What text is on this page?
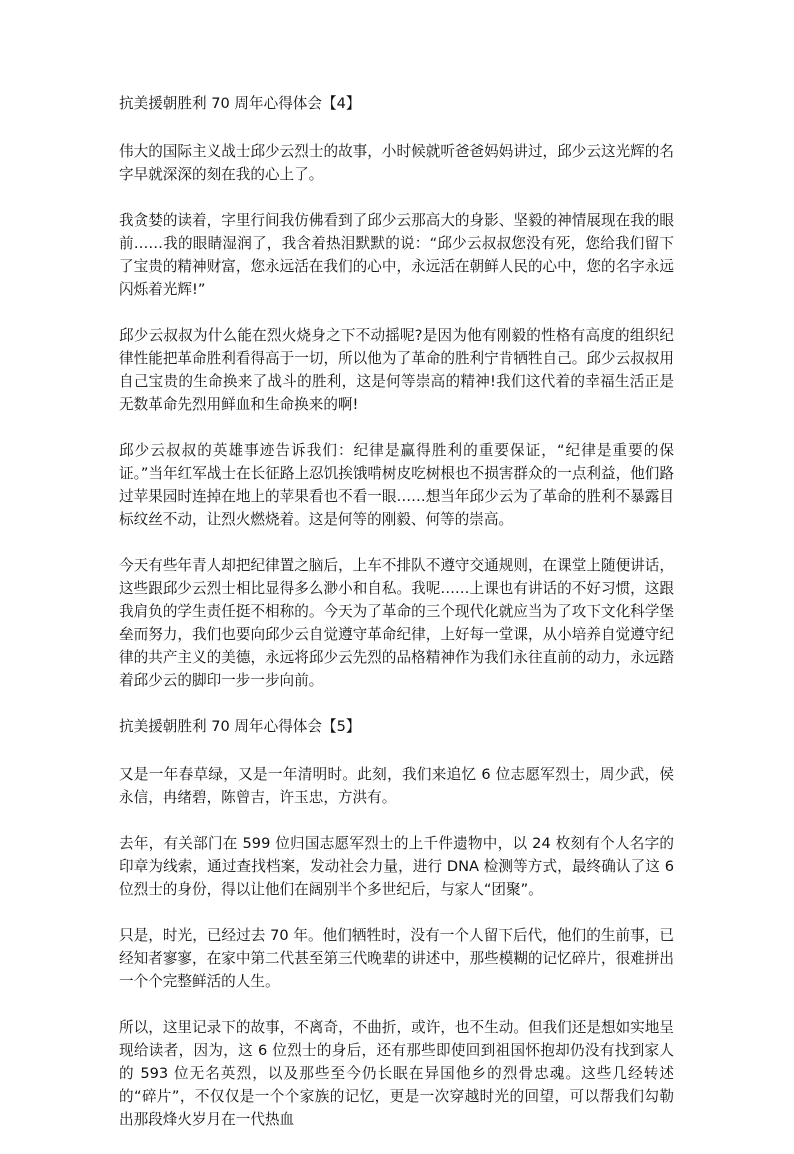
抗美援朝胜利 70 周年心得体会【4】

伟大的国际主义战士邱少云烈士的故事，小时候就听爸爸妈妈讲过，邱少云这光辉的名字早就深深的刻在我的心上了。

我贪婪的读着，字里行间我仿佛看到了邱少云那高大的身影、坚毅的神情展现在我的眼前……我的眼睛湿润了，我含着热泪默默的说：“邱少云叔叔您没有死，您给我们留下了宝贵的精神财富，您永远活在我们的心中，永远活在朝鲜人民的心中，您的名字永远闪烁着光辉!”

邱少云叔叔为什么能在烈火烧身之下不动摇呢?是因为他有刚毅的性格有高度的组织纪律性能把革命胜利看得高于一切，所以他为了革命的胜利宁肯牺牲自己。邱少云叔叔用自己宝贵的生命换来了战斗的胜利，这是何等崇高的精神!我们这代着的幸福生活正是无数革命先烈用鲜血和生命换来的啊!

邱少云叔叔的英雄事迹告诉我们：纪律是赢得胜利的重要保证，“纪律是重要的保证。”当年红军战士在长征路上忍饥挨饿啃树皮吃树根也不损害群众的一点利益，他们路过苹果园时连掉在地上的苹果看也不看一眼……想当年邱少云为了革命的胜利不暴露目标纹丝不动，让烈火燃烧着。这是何等的刚毅、何等的崇高。

今天有些年青人却把纪律置之脑后，上车不排队不遵守交通规则，在课堂上随便讲话，这些跟邱少云烈士相比显得多么渺小和自私。我呢……上课也有讲话的不好习惯，这跟我肩负的学生责任挺不相称的。今天为了革命的三个现代化就应当为了攻下文化科学堡垒而努力，我们也要向邱少云自觉遵守革命纪律，上好每一堂课，从小培养自觉遵守纪律的共产主义的美德，永远将邱少云先烈的品格精神作为我们永往直前的动力，永远踏着邱少云的脚印一步一步向前。

抗美援朝胜利 70 周年心得体会【5】

又是一年春草绿，又是一年清明时。此刻，我们来追忆 6 位志愿军烈士，周少武，侯永信，冉绪碧，陈曾吉，许玉忠，方洪有。

去年，有关部门在 599 位归国志愿军烈士的上千件遗物中，以 24 枚刻有个人名字的印章为线索，通过查找档案，发动社会力量，进行 DNA 检测等方式，最终确认了这 6 位烈士的身份，得以让他们在阔别半个多世纪后，与家人“团聚”。

只是，时光，已经过去 70 年。他们牺牲时，没有一个人留下后代，他们的生前事，已经知者寥寥，在家中第二代甚至第三代晚辈的讲述中，那些模糊的记忆碎片，很难拼出一个个完整鲜活的人生。

所以，这里记录下的故事，不离奇，不曲折，或许，也不生动。但我们还是想如实地呈现给读者，因为，这 6 位烈士的身后，还有那些即使回到祖国怀抱却仍没有找到家人的 593 位无名英烈，以及那些至今仍长眠在异国他乡的烈骨忠魂。这些几经转述的“碎片”，不仅仅是一个个家族的记忆，更是一次穿越时光的回望，可以帮我们勾勒出那段烽火岁月在一代热血
